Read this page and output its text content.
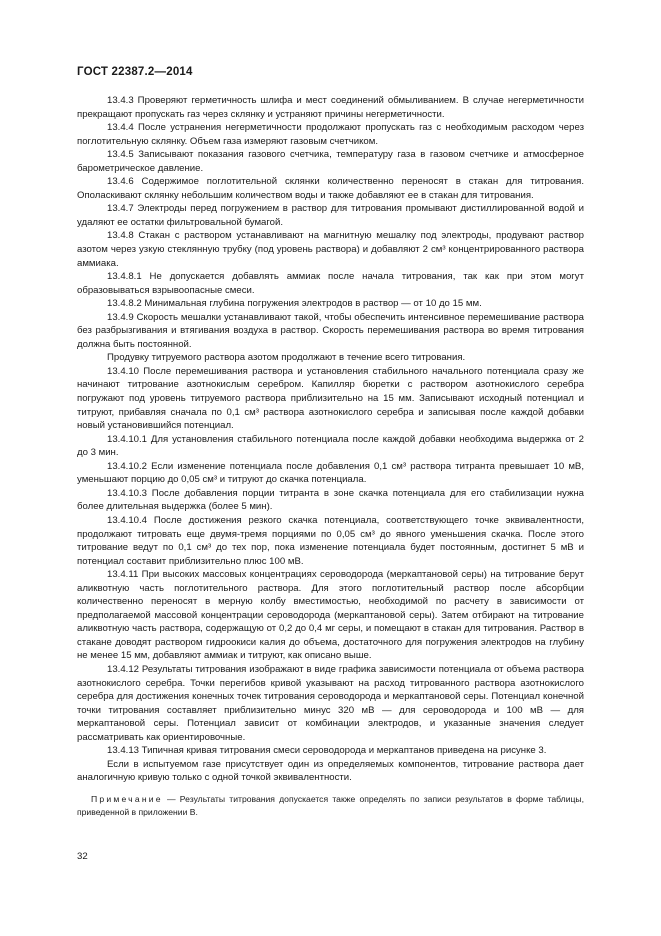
ГОСТ 22387.2—2014

13.4.3 Проверяют герметичность шлифа и мест соединений обмыливанием. В случае негерметичности прекращают пропускать газ через склянку и устраняют причины негерметичности.

13.4.4 После устранения негерметичности продолжают пропускать газ с необходимым расходом через поглотительную склянку. Объем газа измеряют газовым счетчиком.

13.4.5 Записывают показания газового счетчика, температуру газа в газовом счетчике и атмосферное барометрическое давление.

13.4.6 Содержимое поглотительной склянки количественно переносят в стакан для титрования. Ополаскивают склянку небольшим количеством воды и также добавляют ее в стакан для титрования.

13.4.7 Электроды перед погружением в раствор для титрования промывают дистиллированной водой и удаляют ее остатки фильтровальной бумагой.

13.4.8 Стакан с раствором устанавливают на магнитную мешалку под электроды, продувают раствор азотом через узкую стеклянную трубку (под уровень раствора) и добавляют 2 см³ концентрированного раствора аммиака.

13.4.8.1 Не допускается добавлять аммиак после начала титрования, так как при этом могут образовываться взрывоопасные смеси.

13.4.8.2 Минимальная глубина погружения электродов в раствор — от 10 до 15 мм.

13.4.9 Скорость мешалки устанавливают такой, чтобы обеспечить интенсивное перемешивание раствора без разбрызгивания и втягивания воздуха в раствор. Скорость перемешивания раствора во время титрования должна быть постоянной.

Продувку титруемого раствора азотом продолжают в течение всего титрования.

13.4.10 После перемешивания раствора и установления стабильного начального потенциала сразу же начинают титрование азотнокислым серебром. Капилляр бюретки с раствором азотнокислого серебра погружают под уровень титруемого раствора приблизительно на 15 мм. Записывают исходный потенциал и титруют, прибавляя сначала по 0,1 см³ раствора азотнокислого серебра и записывая после каждой добавки новый установившийся потенциал.

13.4.10.1 Для установления стабильного потенциала после каждой добавки необходима выдержка от 2 до 3 мин.

13.4.10.2 Если изменение потенциала после добавления 0,1 см³ раствора титранта превышает 10 мВ, уменьшают порцию до 0,05 см³ и титруют до скачка потенциала.

13.4.10.3 После добавления порции титранта в зоне скачка потенциала для его стабилизации нужна более длительная выдержка (более 5 мин).

13.4.10.4 После достижения резкого скачка потенциала, соответствующего точке эквивалентности, продолжают титровать еще двумя-тремя порциями по 0,05 см³ до явного уменьшения скачка. После этого титрование ведут по 0,1 см³ до тех пор, пока изменение потенциала будет постоянным, достигнет 5 мВ и потенциал составит приблизительно плюс 100 мВ.

13.4.11 При высоких массовых концентрациях сероводорода (меркаптановой серы) на титрование берут аликвотную часть поглотительного раствора. Для этого поглотительный раствор после абсорбции количественно переносят в мерную колбу вместимостью, необходимой по расчету в зависимости от предполагаемой массовой концентрации сероводорода (меркаптановой серы). Затем отбирают на титрование аликвотную часть раствора, содержащую от 0,2 до 0,4 мг серы, и помещают в стакан для титрования. Раствор в стакане доводят раствором гидроокиси калия до объема, достаточного для погружения электродов на глубину не менее 15 мм, добавляют аммиак и титруют, как описано выше.

13.4.12 Результаты титрования изображают в виде графика зависимости потенциала от объема раствора азотнокислого серебра. Точки перегибов кривой указывают на расход титрованного раствора азотнокислого серебра для достижения конечных точек титрования сероводорода и меркаптановой серы. Потенциал конечной точки титрования составляет приблизительно минус 320 мВ — для сероводорода и 100 мВ — для меркаптановой серы. Потенциал зависит от комбинации электродов, и указанные значения следует рассматривать как ориентировочные.

13.4.13 Типичная кривая титрования смеси сероводорода и меркаптанов приведена на рисунке 3.

Если в испытуемом газе присутствует один из определяемых компонентов, титрование раствора дает аналогичную кривую только с одной точкой эквивалентности.

Примечание — Результаты титрования допускается также определять по записи результатов в форме таблицы, приведенной в приложении В.

32
